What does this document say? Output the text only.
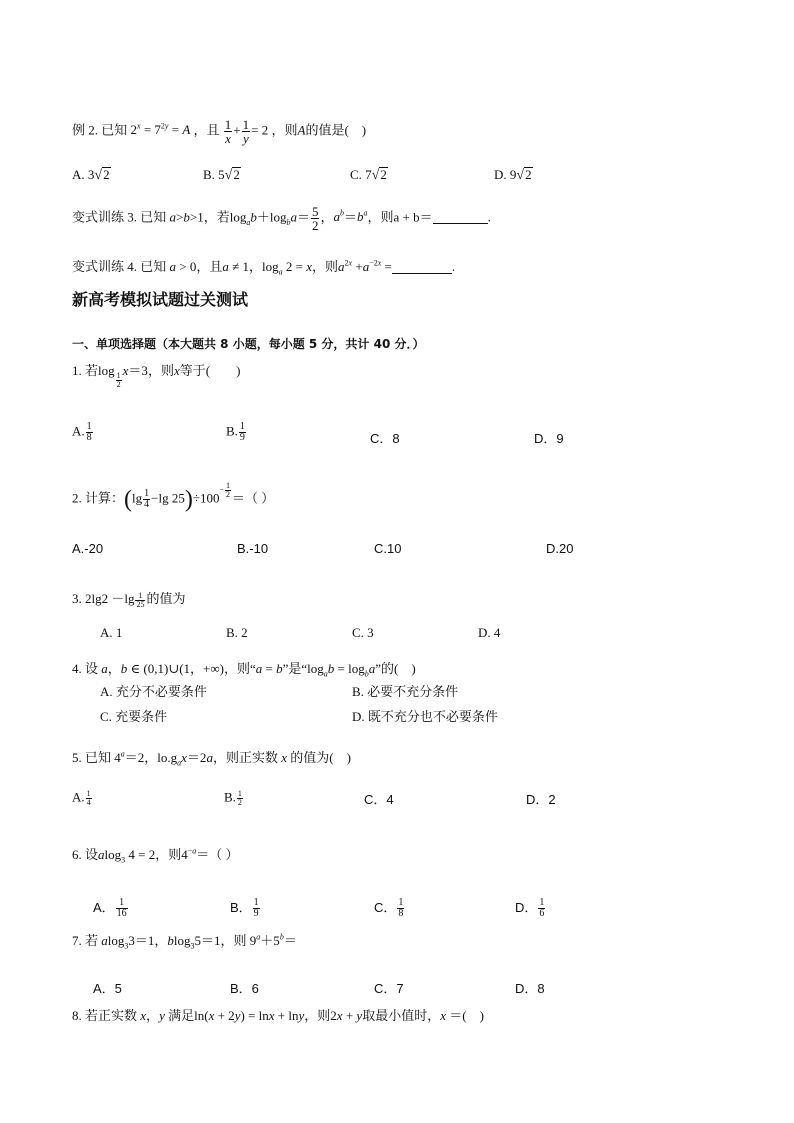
例 2. 已知 $2^x = 7^{2y} = A$ ，且 $\frac{1}{x} + \frac{1}{y} = 2$ ，则A的值是(　)
A. 3√2	B. 5√2	C. 7√2	D. 9√2
变式训练 3. 已知 a>b>1，若$\log_ab+\log_ba= \frac{5}{2}$ ，$a^b=b^a$，则a + b＝	.
变式训练 4. 已知 a > 0，且a ≠ 1，$\log_a 2 = x$，则$a^{2x} +a^{-2x}$ =	.
新高考模拟试题过关测试
一、单项选择题（本大题共 8 小题，每小题 5 分，共计 40 分．）
1. 若log
$\frac{1}{2}$
x＝3，则x等于(　　)
A. $\frac{1}{8}$	B. $\frac{1}{9}$	C．8	D．9
2. 计算：($\lg \frac{1}{4} -\lg$ $25)\div 100^{- \frac{1}{2}}$ ＝（ ）
A.-20	B.-10	C.10	D.20
3. $2\lg 2 -\lg \frac{1}{25}$ 的值为
A. 1	B. 2	C. 3	D. 4
4. 设 a，b ∈ (0,1)∪(1，+∞)，则“a = b”是“$\log_ab = \log_ba$”的(　)
A. 充分不必要条件	B. 必要不充分条件
C. 充要条件	D. 既不充分也不必要条件
5. 已知 $4^a=2$，$lo.g_ax=2a$，则正实数 x 的值为(　)
A. $\frac{1}{4}$	B. $\frac{1}{2}$	C．4	D．2
6. 设alog$_3$ 4 = 2，则$4^{-a}=$（ ）
A． $\frac{1}{16}$	B． $\frac{1}{9}$	C． $\frac{1}{8}$	D． $\frac{1}{6}$
7. 若 alog$_3$3＝1，blog$_3$5＝1，则 $9^a+5^b=$
A．5	B．6	C．7	D．8
8. 若正实数 x，y 满足ln(x + 2y) = lnx + lny，则2x + y取最小值时，x ＝(　)
